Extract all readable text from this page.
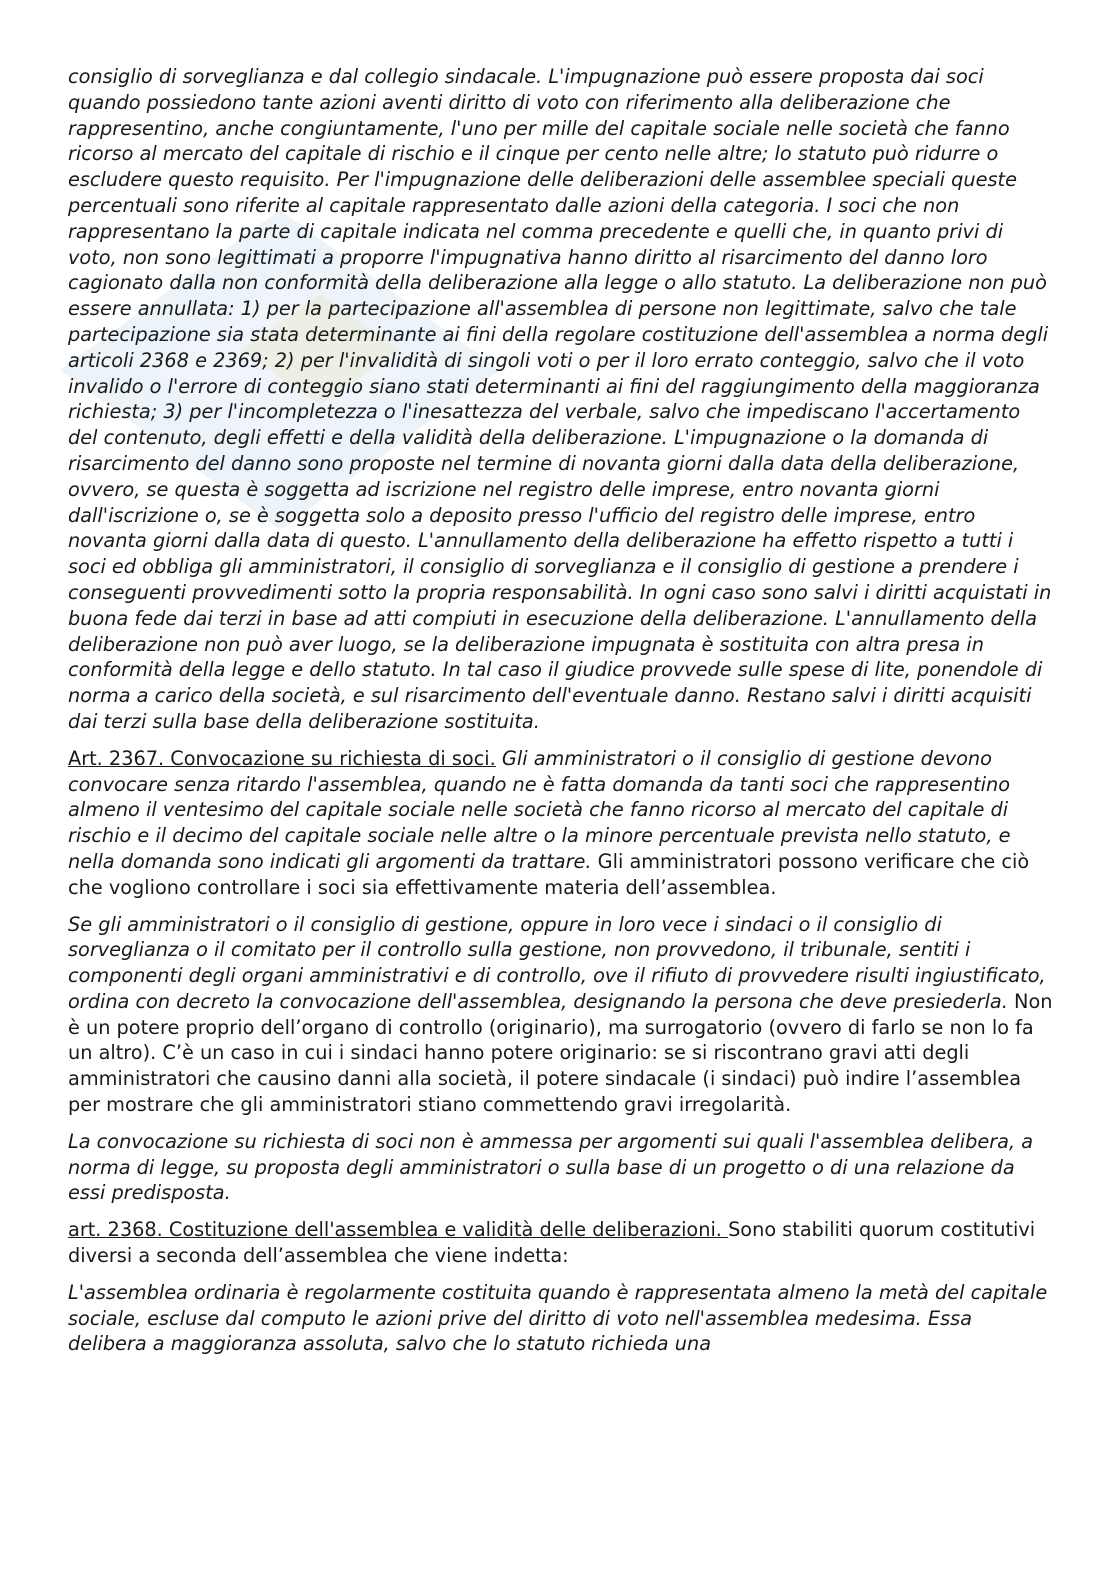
consiglio di sorveglianza e dal collegio sindacale. L'impugnazione può essere proposta dai soci quando possiedono tante azioni aventi diritto di voto con riferimento alla deliberazione che rappresentino, anche congiuntamente, l'uno per mille del capitale sociale nelle società che fanno ricorso al mercato del capitale di rischio e il cinque per cento nelle altre; lo statuto può ridurre o escludere questo requisito. Per l'impugnazione delle deliberazioni delle assemblee speciali queste percentuali sono riferite al capitale rappresentato dalle azioni della categoria. I soci che non rappresentano la parte di capitale indicata nel comma precedente e quelli che, in quanto privi di voto, non sono legittimati a proporre l'impugnativa hanno diritto al risarcimento del danno loro cagionato dalla non conformità della deliberazione alla legge o allo statuto. La deliberazione non può essere annullata: 1) per la partecipazione all'assemblea di persone non legittimate, salvo che tale partecipazione sia stata determinante ai fini della regolare costituzione dell'assemblea a norma degli articoli 2368 e 2369; 2) per l'invalidità di singoli voti o per il loro errato conteggio, salvo che il voto invalido o l'errore di conteggio siano stati determinanti ai fini del raggiungimento della maggioranza richiesta; 3) per l'incompletezza o l'inesattezza del verbale, salvo che impediscano l'accertamento del contenuto, degli effetti e della validità della deliberazione. L'impugnazione o la domanda di risarcimento del danno sono proposte nel termine di novanta giorni dalla data della deliberazione, ovvero, se questa è soggetta ad iscrizione nel registro delle imprese, entro novanta giorni dall'iscrizione o, se è soggetta solo a deposito presso l'ufficio del registro delle imprese, entro novanta giorni dalla data di questo. L'annullamento della deliberazione ha effetto rispetto a tutti i soci ed obbliga gli amministratori, il consiglio di sorveglianza e il consiglio di gestione a prendere i conseguenti provvedimenti sotto la propria responsabilità. In ogni caso sono salvi i diritti acquistati in buona fede dai terzi in base ad atti compiuti in esecuzione della deliberazione. L'annullamento della deliberazione non può aver luogo, se la deliberazione impugnata è sostituita con altra presa in conformità della legge e dello statuto. In tal caso il giudice provvede sulle spese di lite, ponendole di norma a carico della società, e sul risarcimento dell'eventuale danno. Restano salvi i diritti acquisiti dai terzi sulla base della deliberazione sostituita.

Art. 2367. Convocazione su richiesta di soci. Gli amministratori o il consiglio di gestione devono convocare senza ritardo l'assemblea, quando ne è fatta domanda da tanti soci che rappresentino almeno il ventesimo del capitale sociale nelle società che fanno ricorso al mercato del capitale di rischio e il decimo del capitale sociale nelle altre o la minore percentuale prevista nello statuto, e nella domanda sono indicati gli argomenti da trattare. Gli amministratori possono verificare che ciò che vogliono controllare i soci sia effettivamente materia dell’assemblea.

Se gli amministratori o il consiglio di gestione, oppure in loro vece i sindaci o il consiglio di sorveglianza o il comitato per il controllo sulla gestione, non provvedono, il tribunale, sentiti i componenti degli organi amministrativi e di controllo, ove il rifiuto di provvedere risulti ingiustificato, ordina con decreto la convocazione dell'assemblea, designando la persona che deve presiederla. Non è un potere proprio dell’organo di controllo (originario), ma surrogatorio (ovvero di farlo se non lo fa un altro). C’è un caso in cui i sindaci hanno potere originario: se si riscontrano gravi atti degli amministratori che causino danni alla società, il potere sindacale (i sindaci) può indire l’assemblea per mostrare che gli amministratori stiano commettendo gravi irregolarità.

La convocazione su richiesta di soci non è ammessa per argomenti sui quali l'assemblea delibera, a norma di legge, su proposta degli amministratori o sulla base di un progetto o di una relazione da essi predisposta.

art. 2368. Costituzione dell'assemblea e validità delle deliberazioni. Sono stabiliti quorum costitutivi diversi a seconda dell’assemblea che viene indetta:

L'assemblea ordinaria è regolarmente costituita quando è rappresentata almeno la metà del capitale sociale, escluse dal computo le azioni prive del diritto di voto nell'assemblea medesima. Essa delibera a maggioranza assoluta, salvo che lo statuto richieda una
